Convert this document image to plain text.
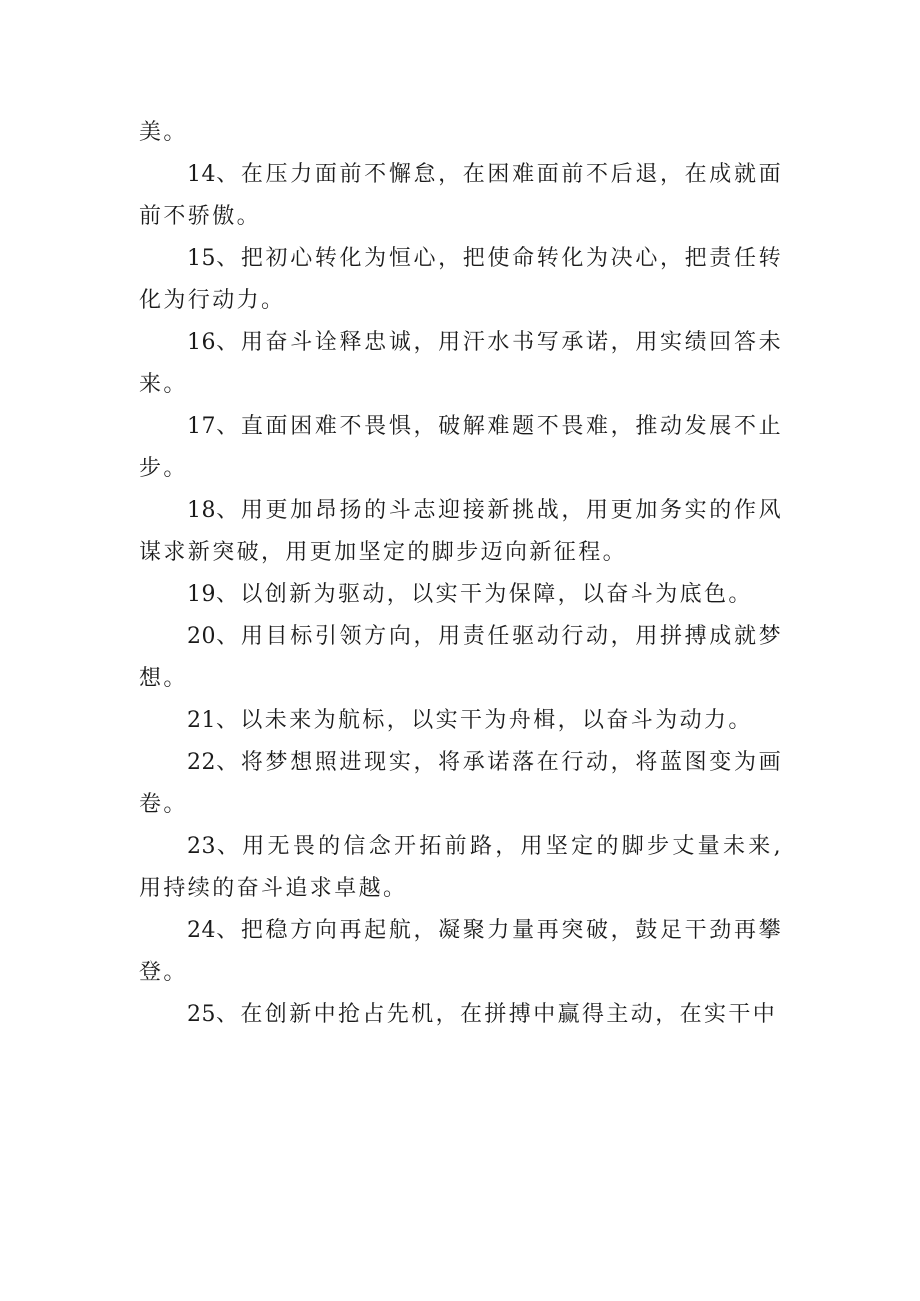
美。

14、在压力面前不懈怠，在困难面前不后退，在成就面前不骄傲。

15、把初心转化为恒心，把使命转化为决心，把责任转化为行动力。

16、用奋斗诠释忠诚，用汗水书写承诺，用实绩回答未来。

17、直面困难不畏惧，破解难题不畏难，推动发展不止步。

18、用更加昂扬的斗志迎接新挑战，用更加务实的作风谋求新突破，用更加坚定的脚步迈向新征程。

19、以创新为驱动，以实干为保障，以奋斗为底色。

20、用目标引领方向，用责任驱动行动，用拼搏成就梦想。

21、以未来为航标，以实干为舟楫，以奋斗为动力。

22、将梦想照进现实，将承诺落在行动，将蓝图变为画卷。

23、用无畏的信念开拓前路，用坚定的脚步丈量未来,用持续的奋斗追求卓越。

24、把稳方向再起航，凝聚力量再突破，鼓足干劲再攀登。

25、在创新中抢占先机，在拼搏中赢得主动，在实干中
